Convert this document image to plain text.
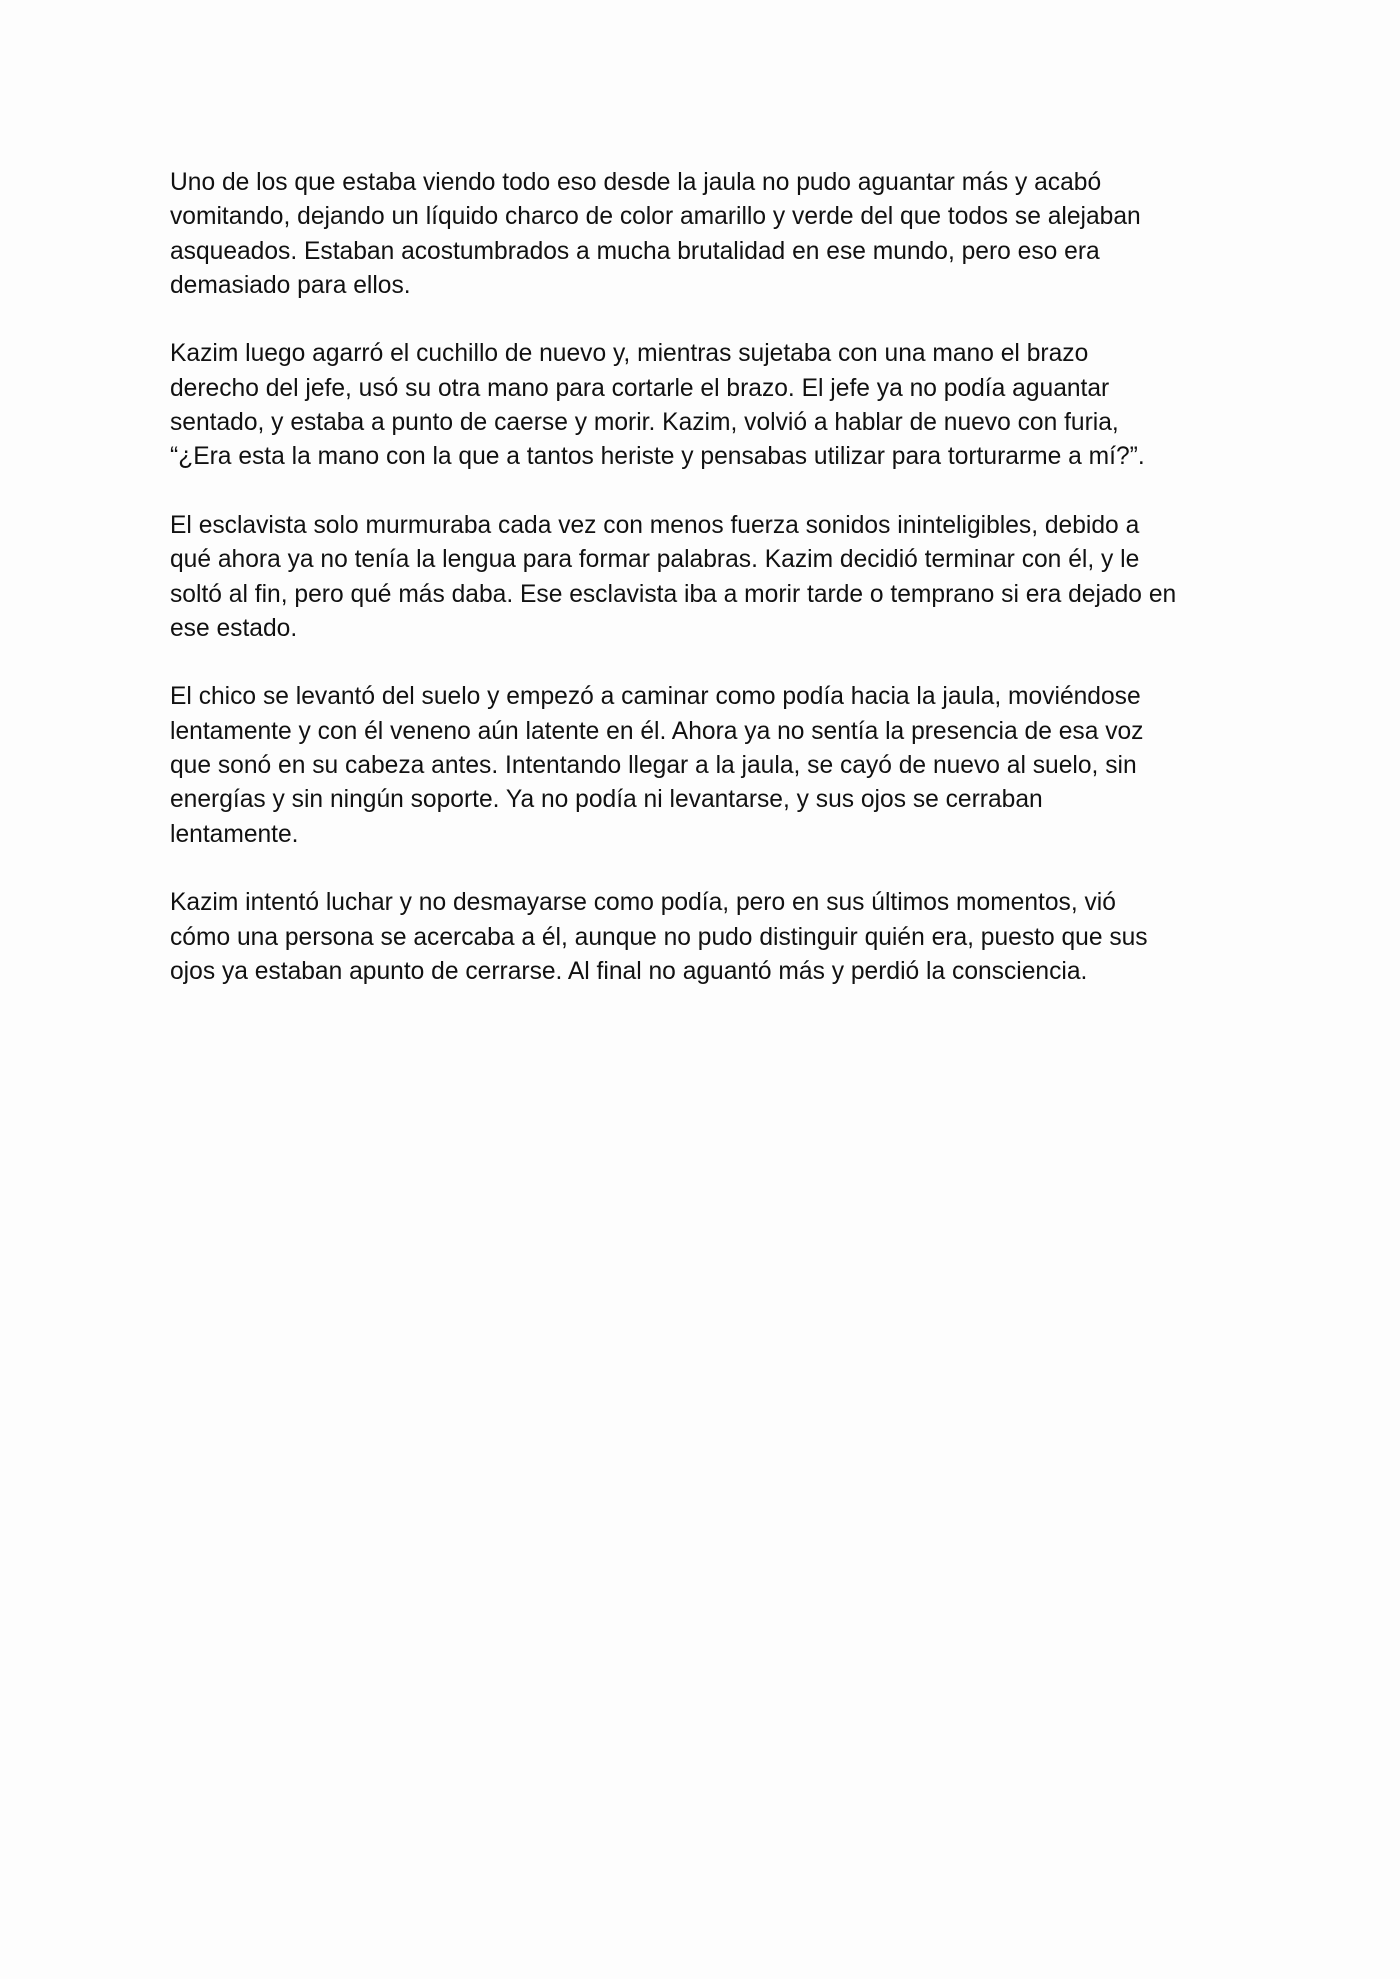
Uno de los que estaba viendo todo eso desde la jaula no pudo aguantar más y acabó
vomitando, dejando un líquido charco de color amarillo y verde del que todos se alejaban
asqueados. Estaban acostumbrados a mucha brutalidad en ese mundo, pero eso era
demasiado para ellos.

Kazim luego agarró el cuchillo de nuevo y, mientras sujetaba con una mano el brazo
derecho del jefe, usó su otra mano para cortarle el brazo. El jefe ya no podía aguantar
sentado, y estaba a punto de caerse y morir. Kazim, volvió a hablar de nuevo con furia,
“¿Era esta la mano con la que a tantos heriste y pensabas utilizar para torturarme a mí?”.

El esclavista solo murmuraba cada vez con menos fuerza sonidos ininteligibles, debido a
qué ahora ya no tenía la lengua para formar palabras. Kazim decidió terminar con él, y le
soltó al fin, pero qué más daba. Ese esclavista iba a morir tarde o temprano si era dejado en
ese estado.

El chico se levantó del suelo y empezó a caminar como podía hacia la jaula, moviéndose
lentamente y con él veneno aún latente en él. Ahora ya no sentía la presencia de esa voz
que sonó en su cabeza antes. Intentando llegar a la jaula, se cayó de nuevo al suelo, sin
energías y sin ningún soporte. Ya no podía ni levantarse, y sus ojos se cerraban
lentamente.

Kazim intentó luchar y no desmayarse como podía, pero en sus últimos momentos, vió
cómo una persona se acercaba a él, aunque no pudo distinguir quién era, puesto que sus
ojos ya estaban apunto de cerrarse. Al final no aguantó más y perdió la consciencia.
